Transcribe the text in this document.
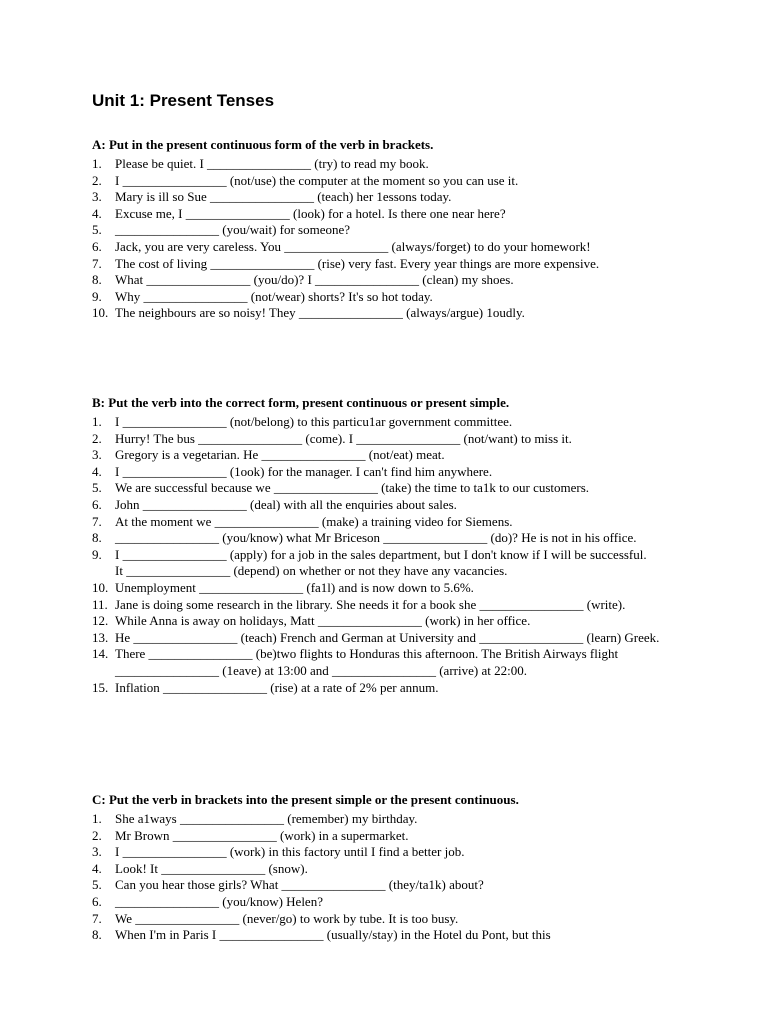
Unit 1: Present Tenses
A: Put in the present continuous form of the verb in brackets.
1.	Please be quiet. I ________________ (try) to read my book.
2.	I ________________ (not/use) the computer at the moment so you can use it.
3.	Mary is ill so Sue ________________ (teach) her 1essons today.
4.	Excuse me, I ________________ (look) for a hotel. Is there one near here?
5.	________________ (you/wait) for someone?
6.	Jack, you are very careless. You ________________ (always/forget) to do your homework!
7.	The cost of living ________________ (rise) very fast. Every year things are more expensive.
8.	What ________________ (you/do)? I ________________ (clean) my shoes.
9.	Why ________________ (not/wear) shorts? It's so hot today.
10. The neighbours are so noisy! They ________________ (always/argue) 1oudly.
B: Put the verb into the correct form, present continuous or present simple.
1.	I ________________ (not/belong) to this particu1ar government committee.
2.	Hurry! The bus ________________ (come). I ________________ (not/want) to miss it.
3.	Gregory is a vegetarian. He ________________ (not/eat) meat.
4.	I ________________ (1ook) for the manager. I can't find him anywhere.
5.	We are successful because we ________________ (take) the time to ta1k to our customers.
6.	John ________________ (deal) with all the enquiries about sales.
7.	At the moment we ________________ (make) a training video for Siemens.
8.	________________ (you/know) what Mr Briceson ________________ (do)? He is not in his office.
9.	I ________________ (apply) for a job in the sales department, but I don't know if I will be successful.
It ________________ (depend) on whether or not they have any vacancies.
10. Unemployment ________________ (fa1l) and is now down to 5.6%.
11. Jane is doing some research in the library. She needs it for a book she ________________ (write).
12. While Anna is away on holidays, Matt ________________ (work) in her office.
13. He ________________ (teach) French and German at University and ________________ (learn) Greek.
14. There ________________ (be)two flights to Honduras this afternoon. The British Airways flight ________________ (1eave) at 13:00 and ________________ (arrive) at 22:00.
15. Inflation ________________ (rise) at a rate of 2% per annum.
C: Put the verb in brackets into the present simple or the present continuous.
1.	She a1ways ________________ (remember) my birthday.
2.	Mr Brown ________________ (work) in a supermarket.
3.	I ________________ (work) in this factory until I find a better job.
4.	Look! It ________________ (snow).
5.	Can you hear those girls? What ________________ (they/ta1k) about?
6.	________________ (you/know) Helen?
7.	We ________________ (never/go) to work by tube. It is too busy.
8.	When I'm in Paris I ________________ (usually/stay) in the Hotel du Pont, but this
